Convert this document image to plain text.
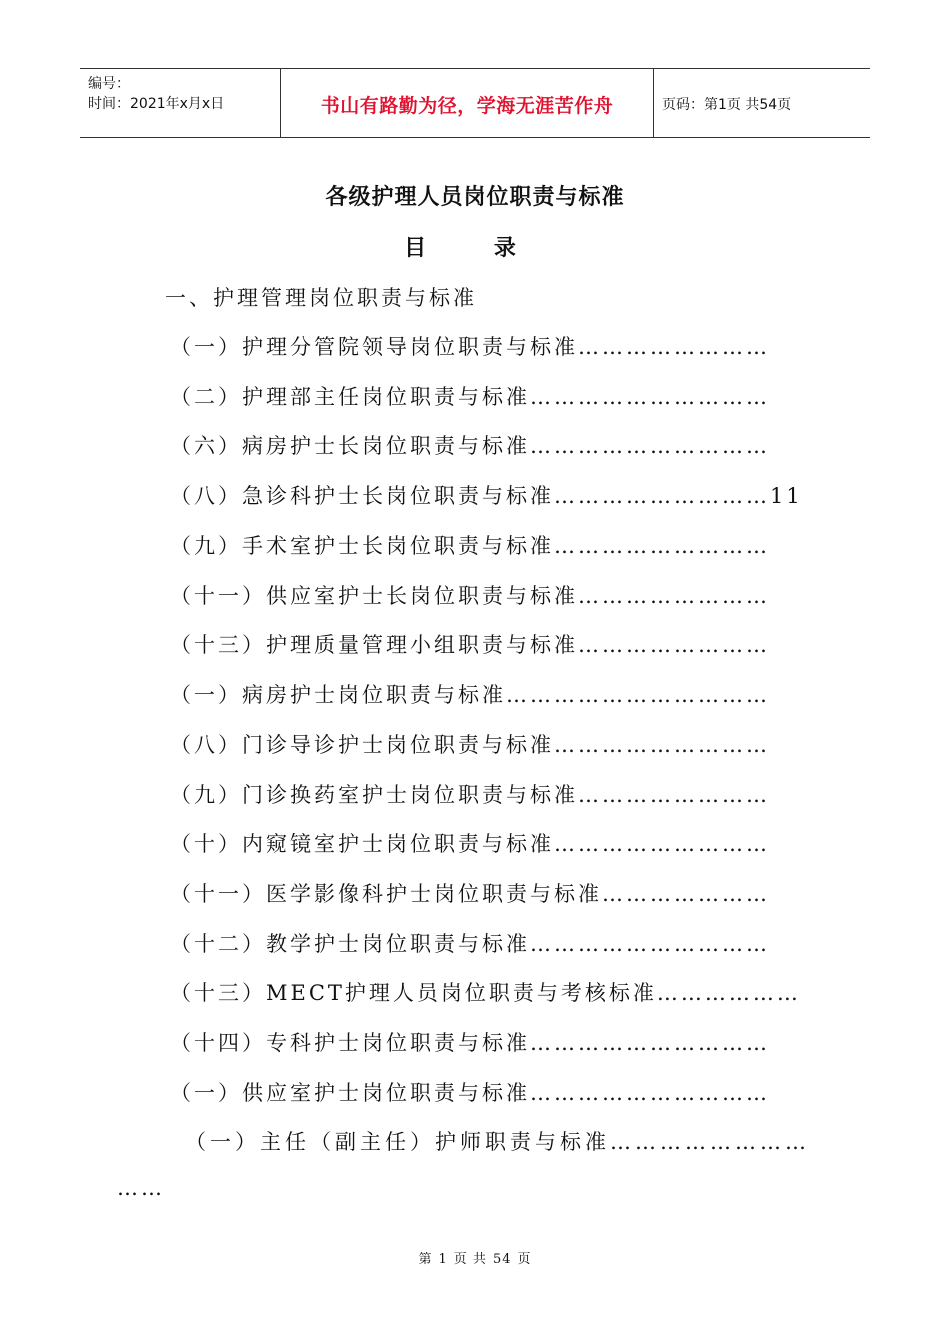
编号：
时间：2021年x月x日	书山有路勤为径，学海无涯苦作舟	页码：第1页 共54页
各级护理人员岗位职责与标准
目 录
一、护理管理岗位职责与标准
（一）护理分管院领导岗位职责与标准……………………
（二）护理部主任岗位职责与标准…………………………
（六）病房护士长岗位职责与标准…………………………
（八）急诊科护士长岗位职责与标准………………………11
（九）手术室护士长岗位职责与标准………………………
（十一）供应室护士长岗位职责与标准……………………
（十三）护理质量管理小组职责与标准……………………
（一）病房护士岗位职责与标准……………………………
（八）门诊导诊护士岗位职责与标准………………………
（九）门诊换药室护士岗位职责与标准……………………
（十）内窥镜室护士岗位职责与标准………………………
（十一）医学影像科护士岗位职责与标准…………………
（十二）教学护士岗位职责与标准…………………………
（十三）MECT护理人员岗位职责与考核标准………………
（十四）专科护士岗位职责与标准…………………………
（一）供应室护士岗位职责与标准…………………………
（一）主任（副主任）护师职责与标准……………………
……
第 1 页 共 54 页
